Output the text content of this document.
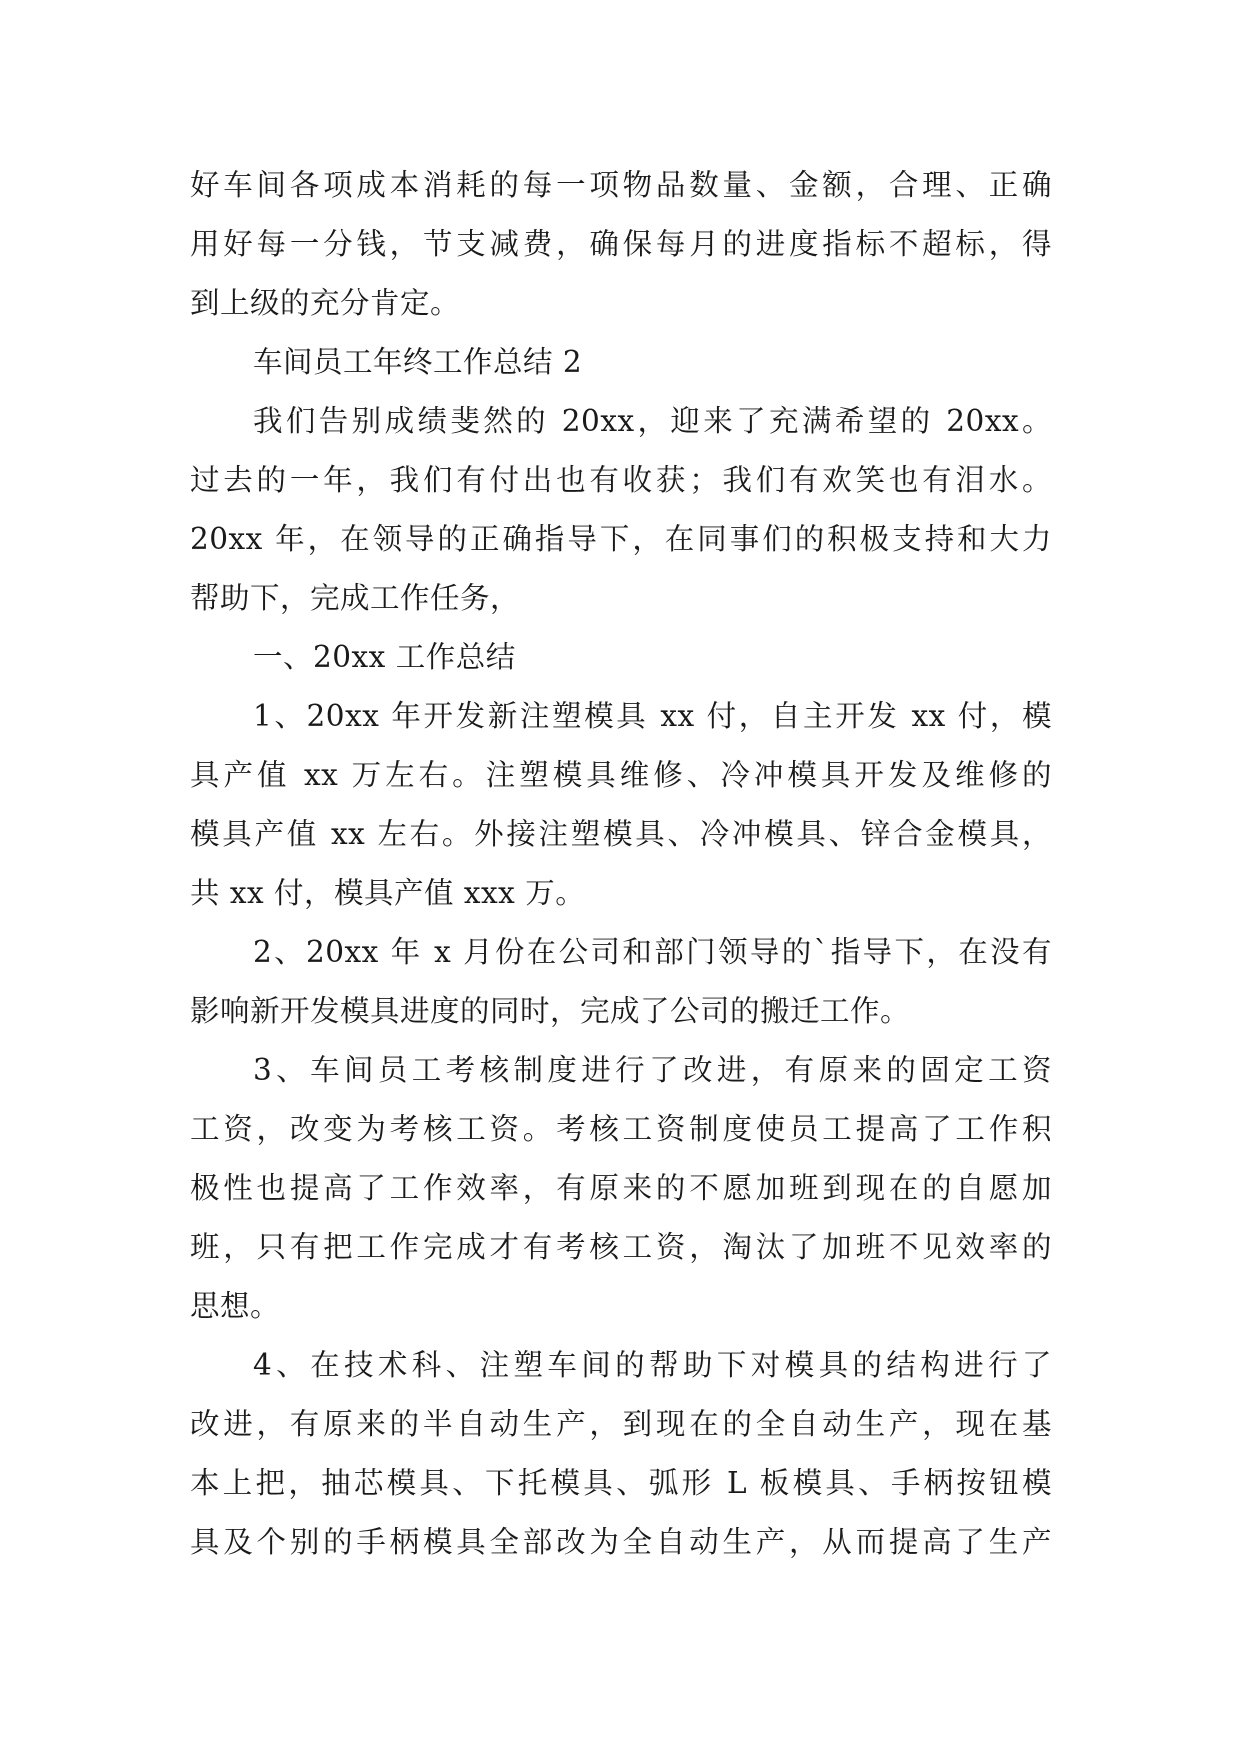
好车间各项成本消耗的每一项物品数量、金额，合理、正确
用好每一分钱，节支减费，确保每月的进度指标不超标，得
到上级的充分肯定。
车间员工年终工作总结 2
我们告别成绩斐然的 20xx，迎来了充满希望的 20xx。
过去的一年，我们有付出也有收获；我们有欢笑也有泪水。
20xx 年，在领导的正确指导下，在同事们的积极支持和大力
帮助下，完成工作任务，
一、20xx 工作总结
1、20xx 年开发新注塑模具 xx 付，自主开发 xx 付，模
具产值 xx 万左右。注塑模具维修、冷冲模具开发及维修的
模具产值 xx 左右。外接注塑模具、冷冲模具、锌合金模具，
共 xx 付，模具产值 xxx 万。
2、20xx 年 x 月份在公司和部门领导的`指导下，在没有
影响新开发模具进度的同时，完成了公司的搬迁工作。
3、车间员工考核制度进行了改进，有原来的固定工资
工资，改变为考核工资。考核工资制度使员工提高了工作积
极性也提高了工作效率，有原来的不愿加班到现在的自愿加
班，只有把工作完成才有考核工资，淘汰了加班不见效率的
思想。
4、在技术科、注塑车间的帮助下对模具的结构进行了
改进，有原来的半自动生产，到现在的全自动生产，现在基
本上把，抽芯模具、下托模具、弧形 L 板模具、手柄按钮模
具及个别的手柄模具全部改为全自动生产，从而提高了生产
